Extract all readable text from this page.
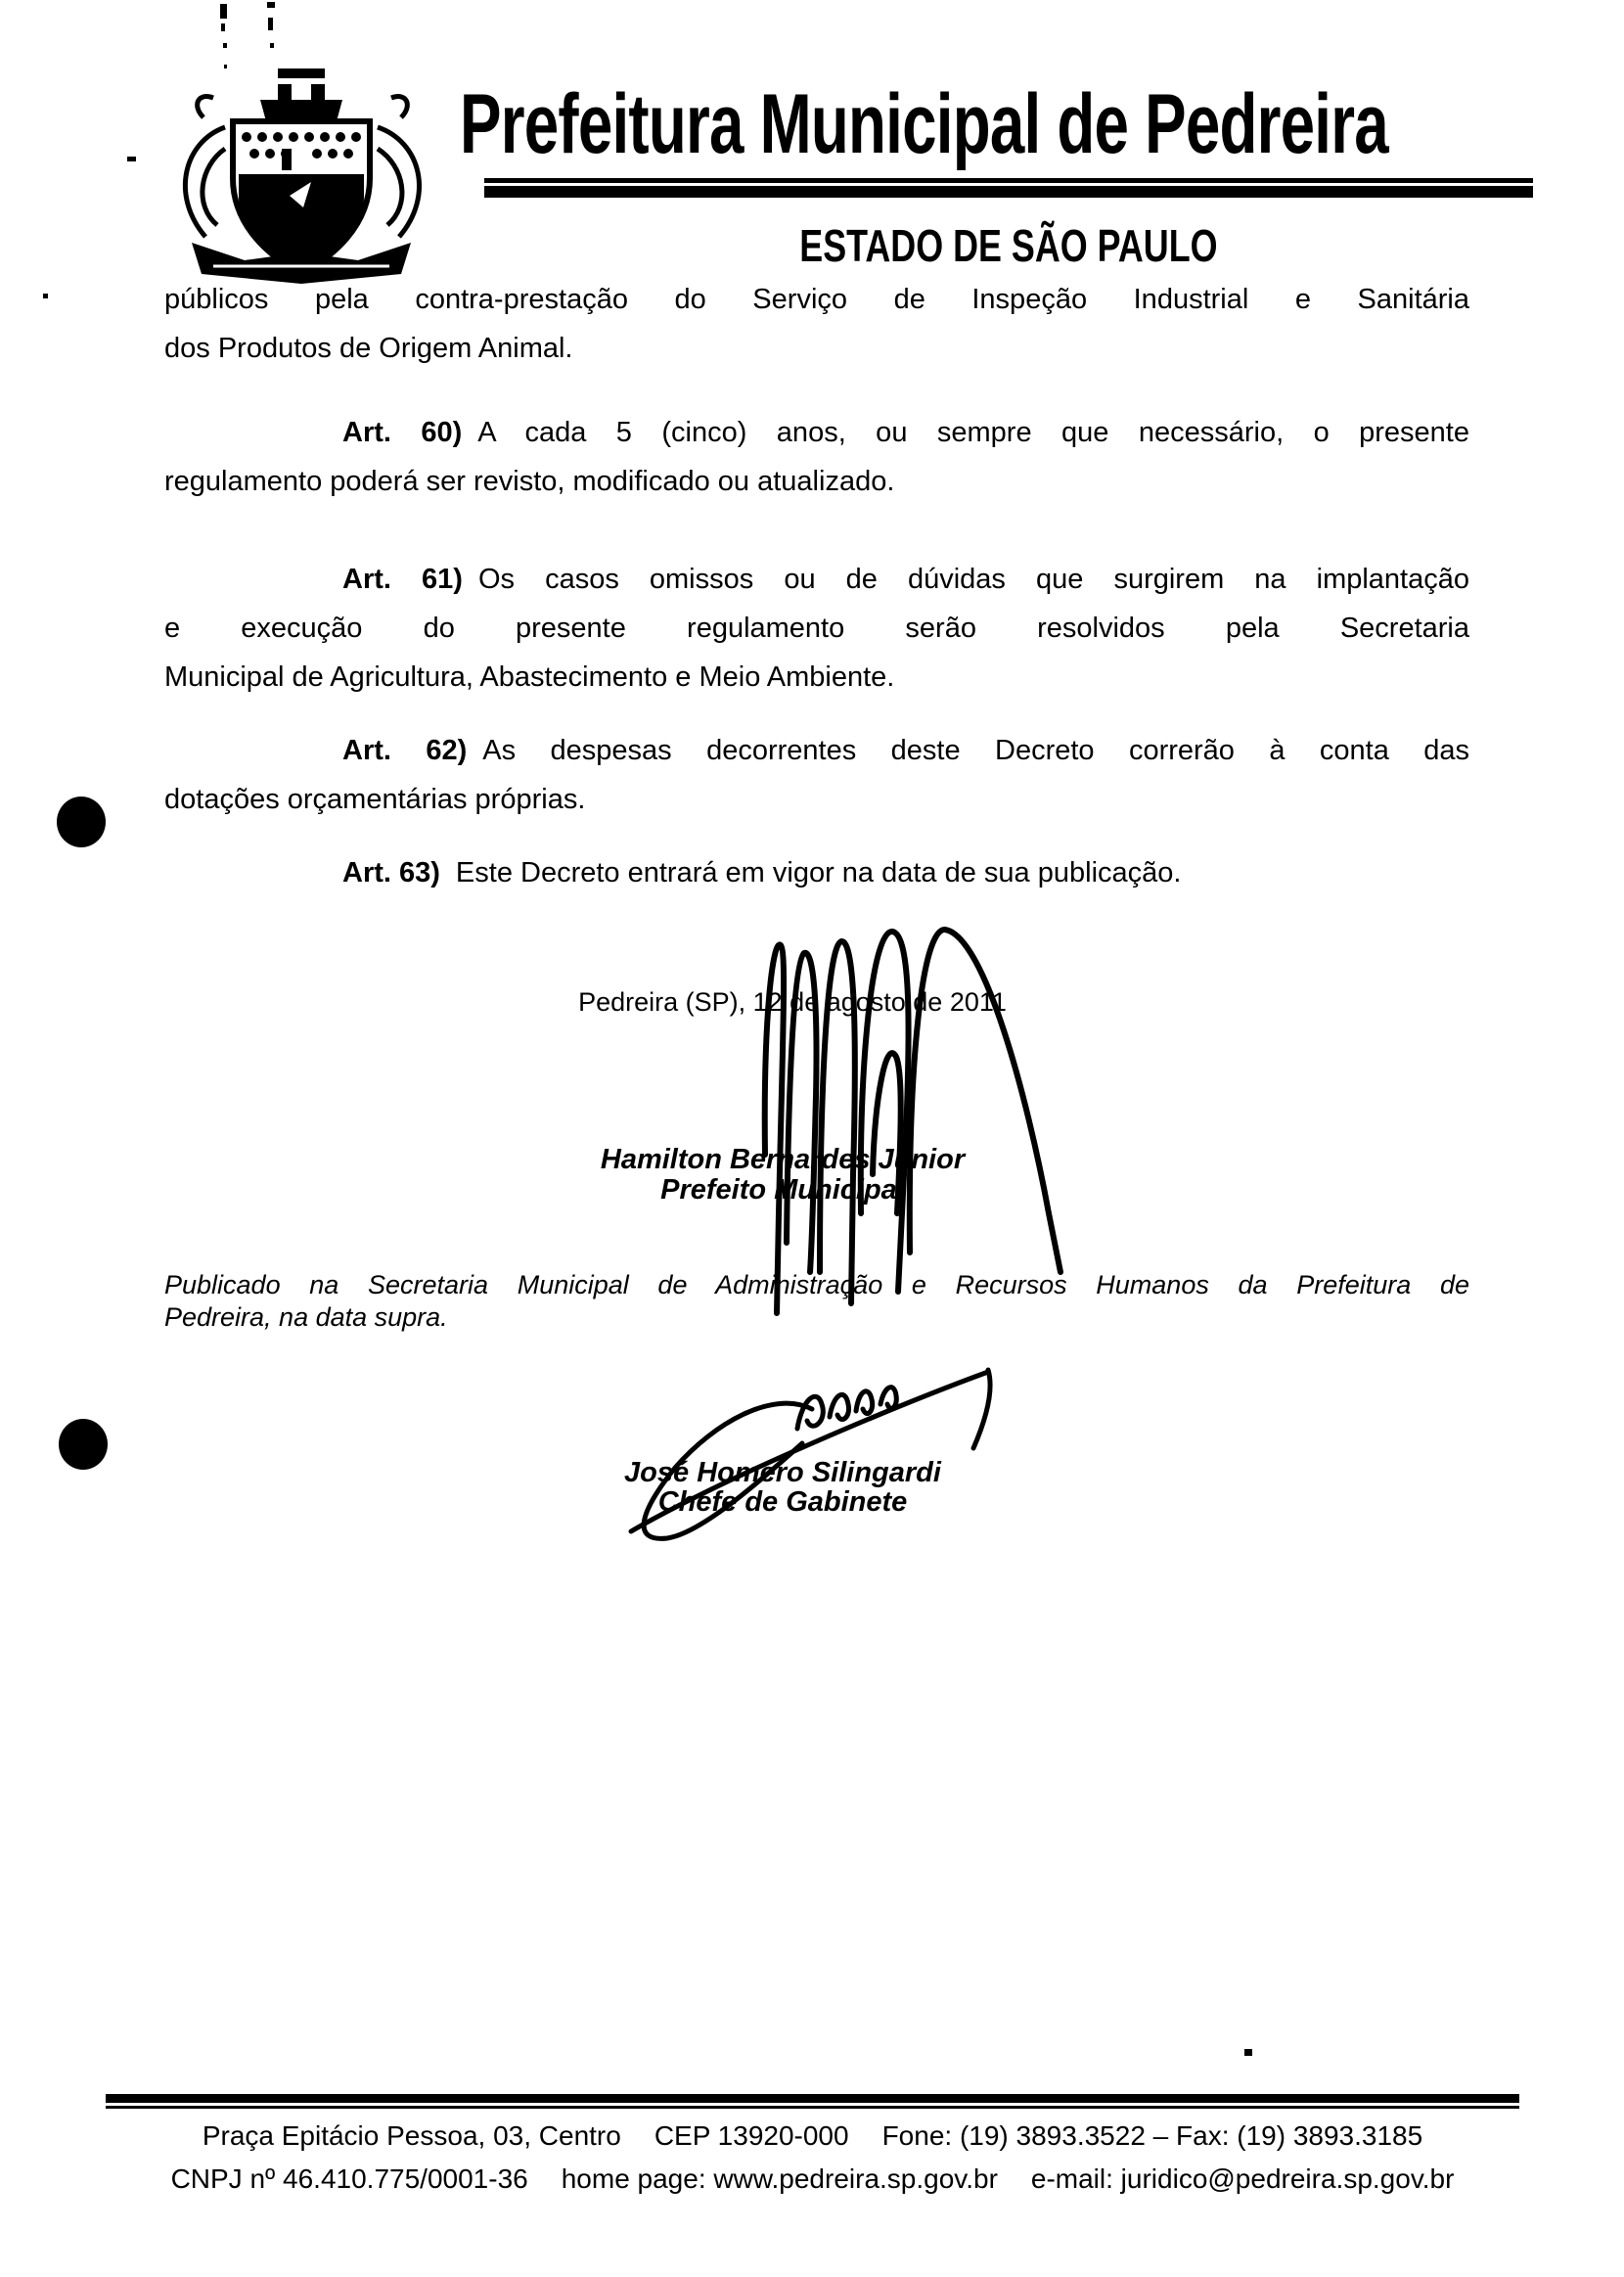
Prefeitura Municipal de Pedreira
ESTADO DE SÃO PAULO
públicos pela contra-prestação do Serviço de Inspeção Industrial e Sanitária
dos Produtos de Origem Animal.
Art. 60) A cada 5 (cinco) anos, ou sempre que necessário, o presente
regulamento poderá ser revisto, modificado ou atualizado.
Art. 61) Os casos omissos ou de dúvidas que surgirem na implantação
e execução do presente regulamento serão resolvidos pela Secretaria
Municipal de Agricultura, Abastecimento e Meio Ambiente.
Art. 62) As despesas decorrentes deste Decreto correrão à conta das
dotações orçamentárias próprias.
Art. 63) Este Decreto entrará em vigor na data de sua publicação.
Pedreira (SP), 12 de agosto de 2011
Hamilton Bernardes Junior
Prefeito Municipal
Publicado na Secretaria Municipal de Administração e Recursos Humanos da Prefeitura de
Pedreira, na data supra.
José Homero Silingardi
Chefe de Gabinete
Praça Epitácio Pessoa, 03, Centro CEP 13920-000 Fone: (19) 3893.3522 – Fax: (19) 3893.3185
CNPJ nº 46.410.775/0001-36 home page: www.pedreira.sp.gov.br e-mail: juridico@pedreira.sp.gov.br
